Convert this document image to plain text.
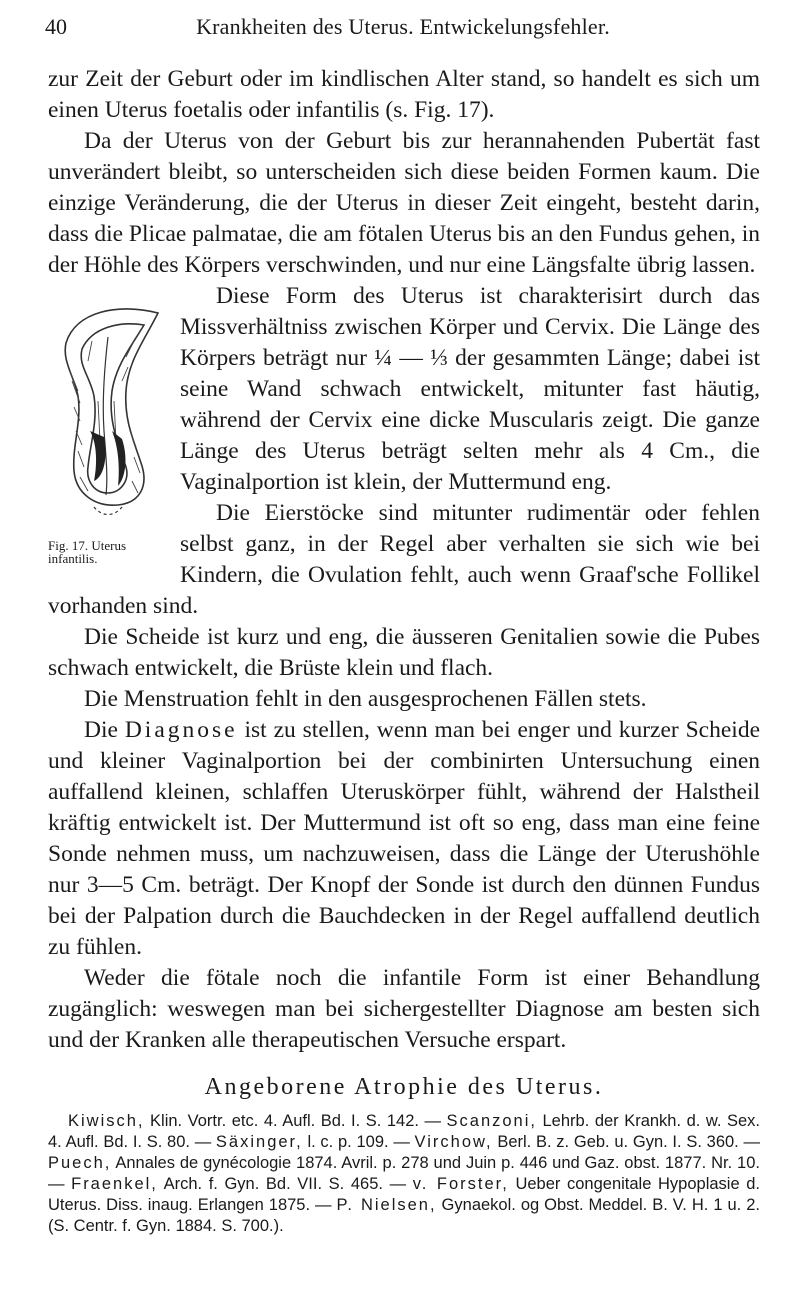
40	Krankheiten des Uterus. Entwickelungsfehler.

zur Zeit der Geburt oder im kindlischen Alter stand, so handelt es sich um einen Uterus foetalis oder infantilis (s. Fig. 17).

Da der Uterus von der Geburt bis zur herannahenden Pubertät fast unverändert bleibt, so unterscheiden sich diese beiden Formen kaum. Die einzige Veränderung, die der Uterus in dieser Zeit eingeht, besteht darin, dass die Plicae palmatae, die am fötalen Uterus bis an den Fundus gehen, in der Höhle des Körpers verschwinden, und nur eine Längsfalte übrig lassen.

Fig. 17. Uterus infantilis.

Diese Form des Uterus ist charakterisirt durch das Missverhältniss zwischen Körper und Cervix. Die Länge des Körpers beträgt nur ¼ — ⅓ der gesammten Länge; dabei ist seine Wand schwach entwickelt, mitunter fast häutig, während der Cervix eine dicke Muscularis zeigt. Die ganze Länge des Uterus beträgt selten mehr als 4 Cm., die Vaginalportion ist klein, der Muttermund eng.

Die Eierstöcke sind mitunter rudimentär oder fehlen selbst ganz, in der Regel aber verhalten sie sich wie bei Kindern, die Ovulation fehlt, auch wenn Graaf'sche Follikel vorhanden sind.

Die Scheide ist kurz und eng, die äusseren Genitalien sowie die Pubes schwach entwickelt, die Brüste klein und flach.

Die Menstruation fehlt in den ausgesprochenen Fällen stets.

Die Diagnose ist zu stellen, wenn man bei enger und kurzer Scheide und kleiner Vaginalportion bei der combinirten Untersuchung einen auffallend kleinen, schlaffen Uteruskörper fühlt, während der Halstheil kräftig entwickelt ist. Der Muttermund ist oft so eng, dass man eine feine Sonde nehmen muss, um nachzuweisen, dass die Länge der Uterushöhle nur 3—5 Cm. beträgt. Der Knopf der Sonde ist durch den dünnen Fundus bei der Palpation durch die Bauchdecken in der Regel auffallend deutlich zu fühlen.

Weder die fötale noch die infantile Form ist einer Behandlung zugänglich: weswegen man bei sichergestellter Diagnose am besten sich und der Kranken alle therapeutischen Versuche erspart.

Angeborene Atrophie des Uterus.

Kiwisch, Klin. Vortr. etc. 4. Aufl. Bd. I. S. 142. — Scanzoni, Lehrb. der Krankh. d. w. Sex. 4. Aufl. Bd. I. S. 80. — Säxinger, l. c. p. 109. — Virchow, Berl. B. z. Geb. u. Gyn. I. S. 360. — Puech, Annales de gynécologie 1874. Avril. p. 278 und Juin p. 446 und Gaz. obst. 1877. Nr. 10. — Fraenkel, Arch. f. Gyn. Bd. VII. S. 465. — v. Forster, Ueber congenitale Hypoplasie d. Uterus. Diss. inaug. Erlangen 1875. — P. Nielsen, Gynaekol. og Obst. Meddel. B. V. H. 1 u. 2. (S. Centr. f. Gyn. 1884. S. 700.).
